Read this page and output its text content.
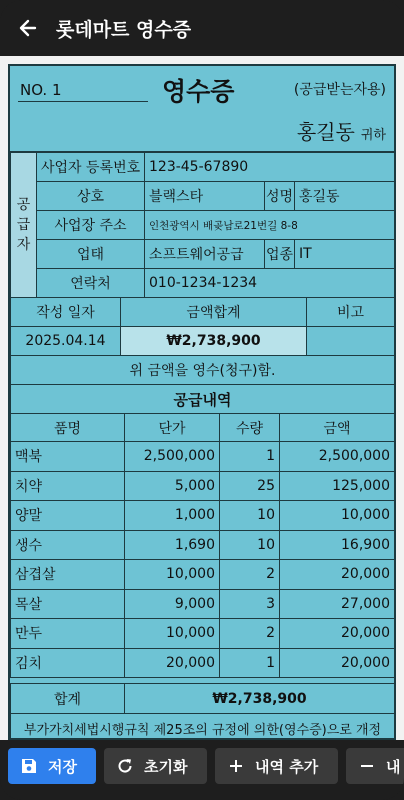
롯데마트 영수증
NO. 1	영수증	(공급받는자용)
홍길동 귀하
공
급
자	사업자 등록번호	123-45-67890		
	상호	블랙스타	성명	홍길동
	사업장 주소	인천광역시 배곶남로21번길 8-8		
	업태	소프트웨어공급	업종	IT
	연락처	010-1234-1234		
작성 일자	금액합계	비고
2025.04.14	₩2,738,900	
위 금액을 영수(청구)함.		
공급내역		
품명	단가	수량	금액
맥북	2,500,000	1	2,500,000
치약	5,000	25	125,000
양말	1,000	10	10,000
생수	1,690	10	16,900
삼겹살	10,000	2	20,000
목살	9,000	3	27,000
만두	10,000	2	20,000
김치	20,000	1	20,000
합계	₩2,738,900
부가가치세법시행규칙 제25조의 규정에 의한(영수증)으로 개정
저장	초기화	내역 추가	내
